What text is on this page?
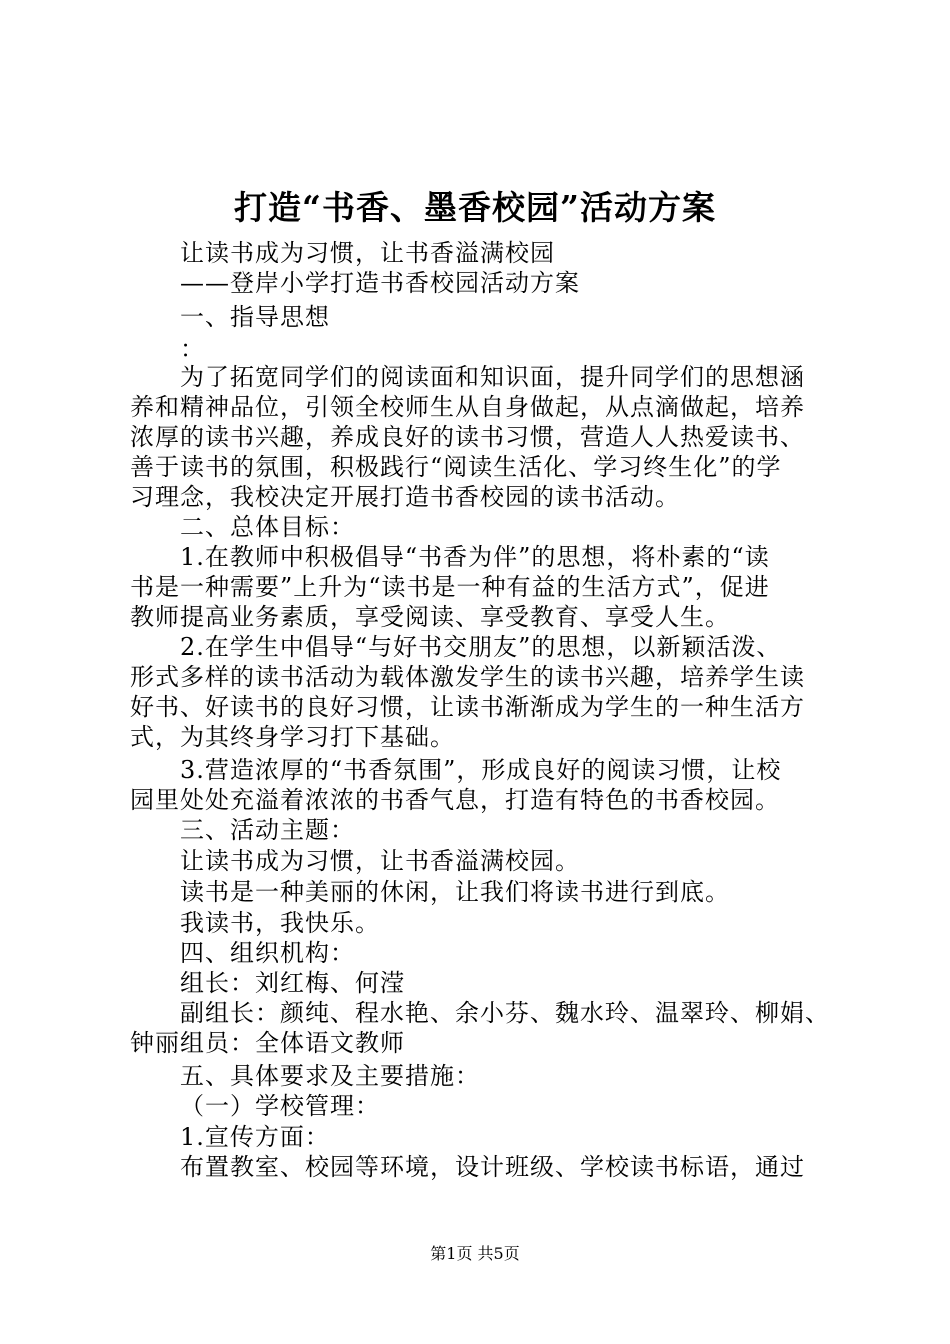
打造“书香、墨香校园”活动方案
让读书成为习惯，让书香溢满校园
——登岸小学打造书香校园活动方案
一、指导思想
：
为了拓宽同学们的阅读面和知识面，提升同学们的思想涵
养和精神品位，引领全校师生从自身做起，从点滴做起，培养
浓厚的读书兴趣，养成良好的读书习惯，营造人人热爱读书、
善于读书的氛围，积极践行“阅读生活化、学习终生化”的学
习理念，我校决定开展打造书香校园的读书活动。
二、总体目标：
1.在教师中积极倡导“书香为伴”的思想，将朴素的“读
书是一种需要”上升为“读书是一种有益的生活方式”，促进
教师提高业务素质，享受阅读、享受教育、享受人生。
2.在学生中倡导“与好书交朋友”的思想，以新颖活泼、
形式多样的读书活动为载体激发学生的读书兴趣，培养学生读
好书、好读书的良好习惯，让读书渐渐成为学生的一种生活方
式，为其终身学习打下基础。
3.营造浓厚的“书香氛围”，形成良好的阅读习惯，让校
园里处处充溢着浓浓的书香气息，打造有特色的书香校园。
三、活动主题：
让读书成为习惯，让书香溢满校园。
读书是一种美丽的休闲，让我们将读书进行到底。
我读书，我快乐。
四、组织机构：
组长：刘红梅、何滢
副组长：颜纯、程水艳、余小芬、魏水玲、温翠玲、柳娟、
钟丽组员：全体语文教师
五、具体要求及主要措施：
（一）学校管理：
1.宣传方面：
布置教室、校园等环境，设计班级、学校读书标语，通过
第1页 共5页
